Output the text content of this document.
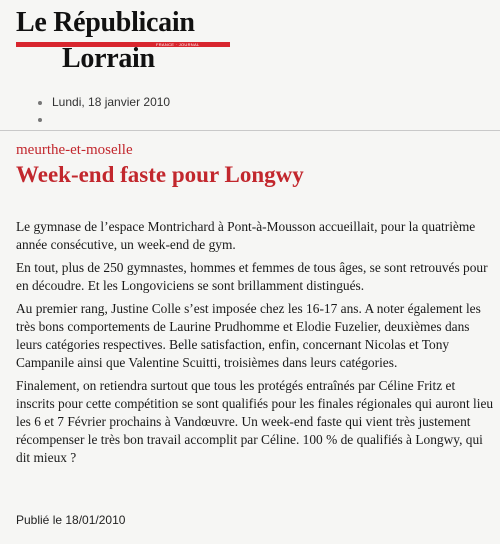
Le Républicain
FRANCE · JOURNAL
Lorrain
Lundi, 18 janvier 2010
meurthe-et-moselle
Week-end faste pour Longwy

Le gymnase de l’espace Montrichard à Pont-à-Mousson accueillait, pour la quatrième année consécutive, un week-end de gym.

En tout, plus de 250 gymnastes, hommes et femmes de tous âges, se sont retrouvés pour en découdre. Et les Longoviciens se sont brillamment distingués.

Au premier rang, Justine Colle s’est imposée chez les 16-17 ans. A noter également les très bons comportements de Laurine Prudhomme et Elodie Fuzelier, deuxièmes dans leurs catégories respectives. Belle satisfaction, enfin, concernant Nicolas et Tony Campanile ainsi que Valentine Scuitti, troisièmes dans leurs catégories.

Finalement, on retiendra surtout que tous les protégés entraînés par Céline Fritz et inscrits pour cette compétition se sont qualifiés pour les finales régionales qui auront lieu les 6 et 7 Février prochains à Vandœuvre. Un week-end faste qui vient très justement récompenser le très bon travail accomplit par Céline. 100 % de qualifiés à Longwy, qui dit mieux ?

Publié le 18/01/2010
